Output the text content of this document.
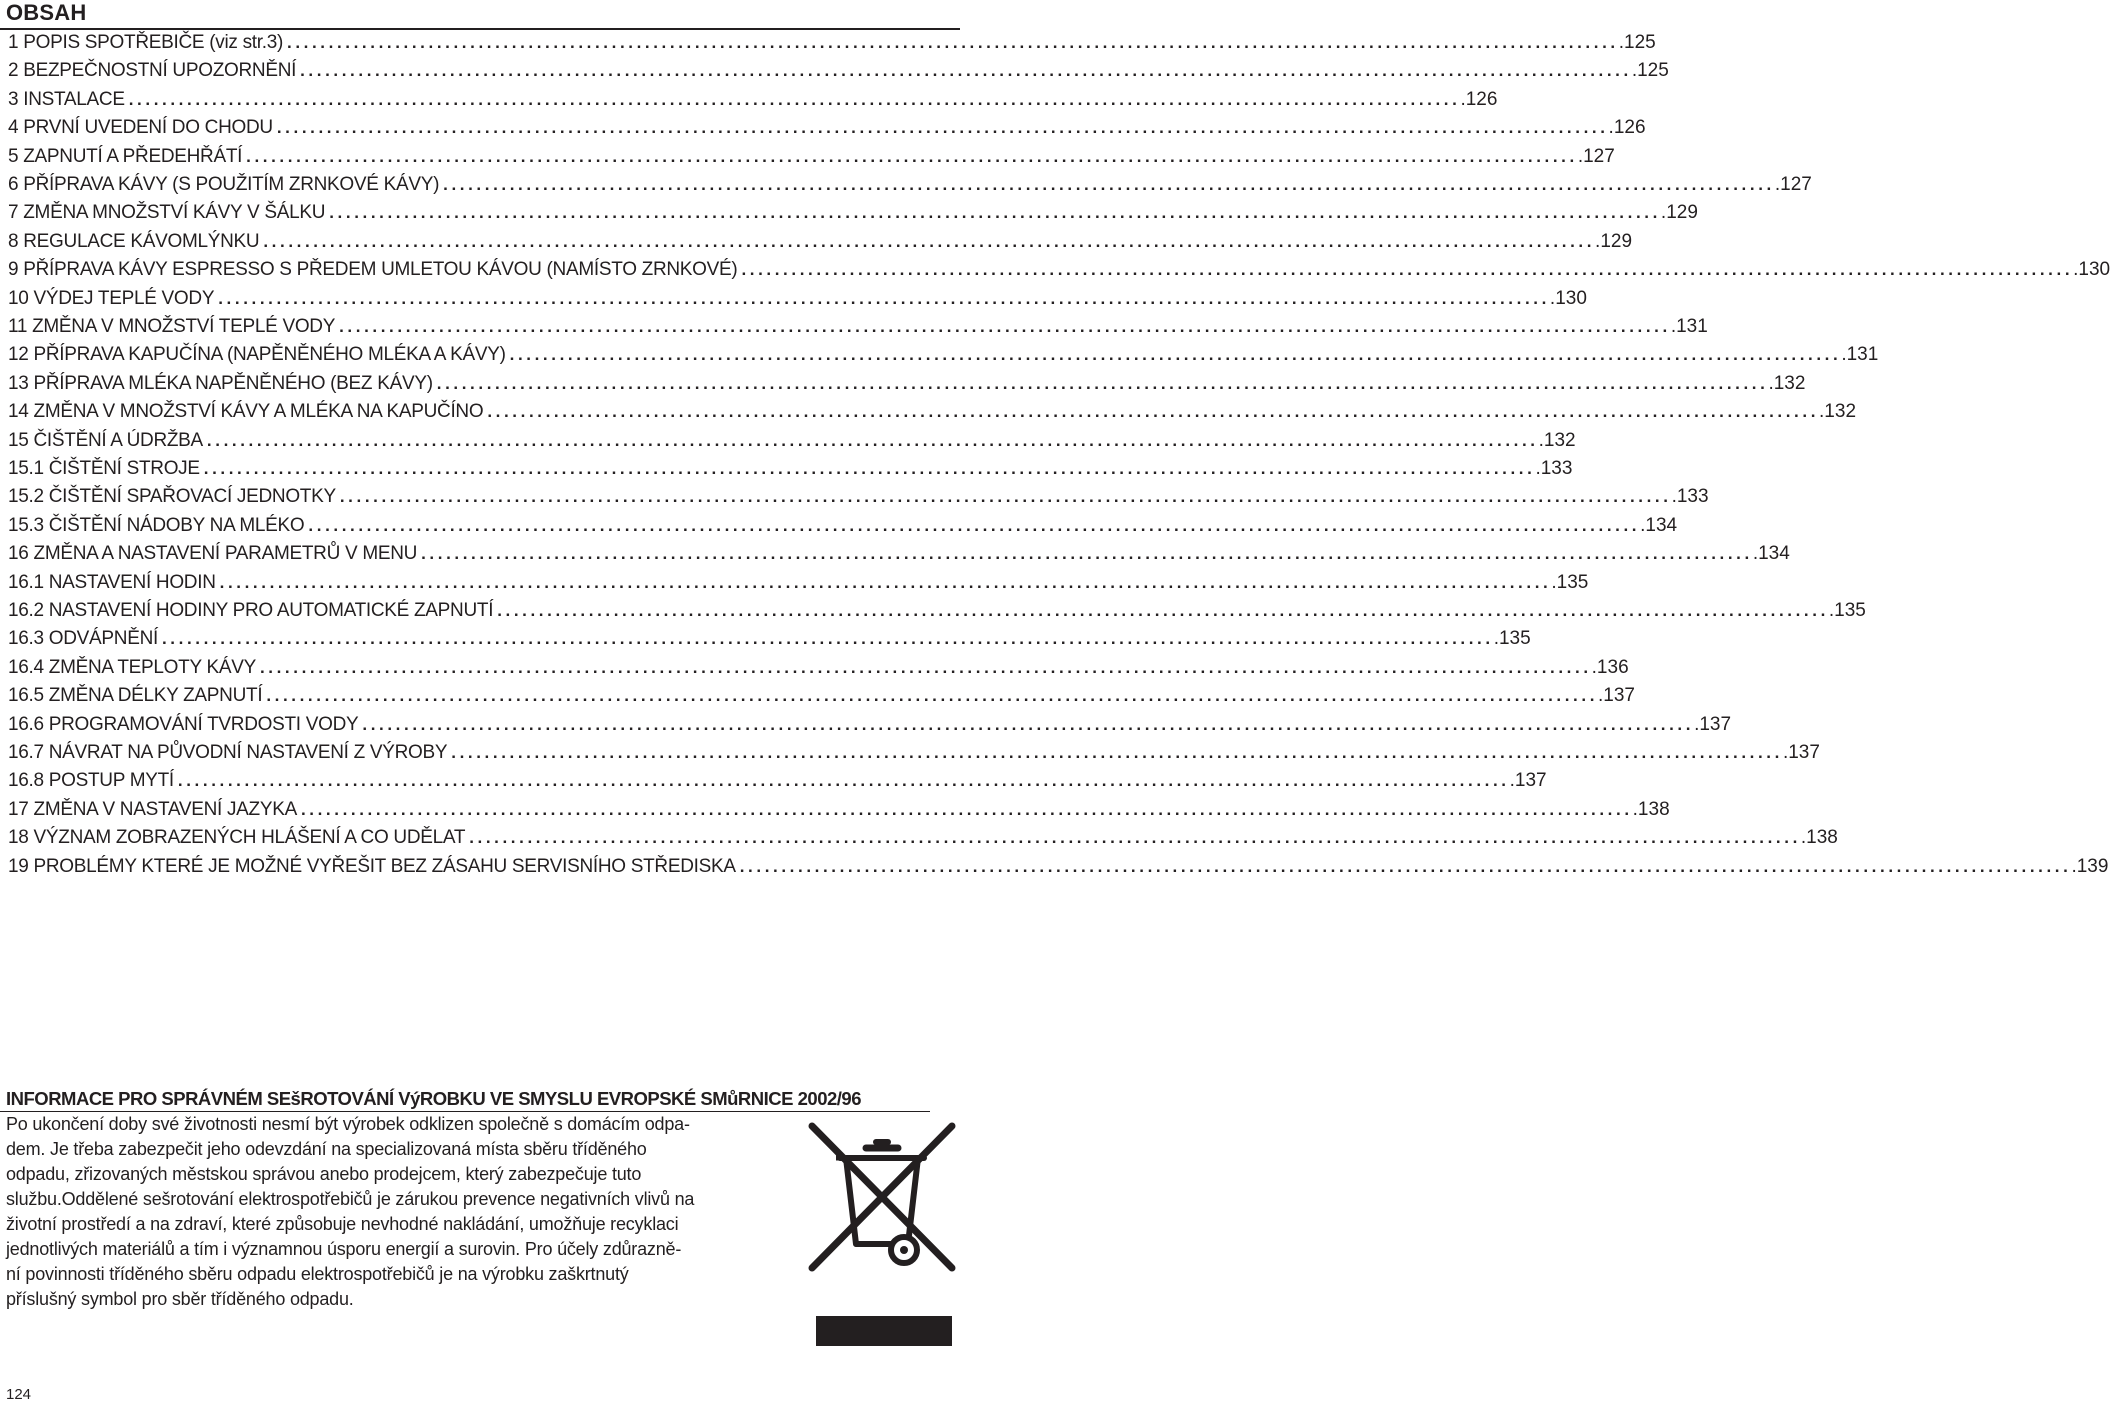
OBSAH
1 POPIS SPOTŘEBIČE (viz str.3) ................................................................................................................................................................ .125
2 BEZPEČNOSTNÍ UPOZORNĚNÍ ................................................................................................................................................................ .125
3 INSTALACE ................................................................................................................................................................ .126
4 PRVNÍ UVEDENÍ DO CHODU ................................................................................................................................................................ .126
5 ZAPNUTÍ A PŘEDEHŘÁTÍ ................................................................................................................................................................ .127
6 PŘÍPRAVA KÁVY (S POUŽITÍM ZRNKOVÉ KÁVY) ................................................................................................................................................................ .127
7 ZMĚNA MNOŽSTVÍ KÁVY V ŠÁLKU ................................................................................................................................................................ .129
8 REGULACE KÁVOMLÝNKU ................................................................................................................................................................ .129
9 PŘÍPRAVA KÁVY ESPRESSO S PŘEDEM UMLETOU KÁVOU (NAMÍSTO ZRNKOVÉ) ................................................................................................................................................................ .130
10 VÝDEJ TEPLÉ VODY ................................................................................................................................................................ .130
11 ZMĚNA V MNOŽSTVÍ TEPLÉ VODY ................................................................................................................................................................ .131
12 PŘÍPRAVA KAPUČÍNA (NAPĚNĚNÉHO MLÉKA A KÁVY) ................................................................................................................................................................ .131
13 PŘÍPRAVA MLÉKA NAPĚNĚNÉHO (BEZ KÁVY) ................................................................................................................................................................ .132
14 ZMĚNA V MNOŽSTVÍ KÁVY A MLÉKA NA KAPUČÍNO ................................................................................................................................................................ .132
15 ČIŠTĚNÍ A ÚDRŽBA ................................................................................................................................................................ .132
15.1 ČIŠTĚNÍ STROJE ................................................................................................................................................................ .133
15.2 ČIŠTĚNÍ SPAŘOVACÍ JEDNOTKY ................................................................................................................................................................ .133
15.3 ČIŠTĚNÍ NÁDOBY NA MLÉKO ................................................................................................................................................................ .134
16 ZMĚNA A NASTAVENÍ PARAMETRŮ V MENU ................................................................................................................................................................ .134
16.1 NASTAVENÍ HODIN ................................................................................................................................................................ .135
16.2 NASTAVENÍ HODINY PRO AUTOMATICKÉ ZAPNUTÍ ................................................................................................................................................................ .135
16.3 ODVÁPNĚNÍ ................................................................................................................................................................ .135
16.4 ZMĚNA TEPLOTY KÁVY ................................................................................................................................................................ .136
16.5 ZMĚNA DÉLKY ZAPNUTÍ ................................................................................................................................................................ .137
16.6 PROGRAMOVÁNÍ TVRDOSTI VODY ................................................................................................................................................................ .137
16.7 NÁVRAT NA PŮVODNÍ NASTAVENÍ Z VÝROBY ................................................................................................................................................................ .137
16.8 POSTUP MYTÍ ................................................................................................................................................................ .137
17 ZMĚNA V NASTAVENÍ JAZYKA ................................................................................................................................................................ .138
18 VÝZNAM ZOBRAZENÝCH HLÁŠENÍ A CO UDĚLAT ................................................................................................................................................................ .138
19 PROBLÉMY KTERÉ JE MOŽNÉ VYŘEŠIT BEZ ZÁSAHU SERVISNÍHO STŘEDISKA ................................................................................................................................................................ .139
INFORMACE PRO SPRÁVNÉM SEšROTOVÁNÍ VýROBKU VE SMYSLU EVROPSKÉ SMůRNICE 2002/96
Po ukončení doby své životnosti nesmí být výrobek odklizen společně s domácím odpa-
dem. Je třeba zabezpečit jeho odevzdání na specializovaná místa sběru tříděného
odpadu, zřizovaných městskou správou anebo prodejcem, který zabezpečuje tuto
službu.Oddělené sešrotování elektrospotřebičů je zárukou prevence negativních vlivů na
životní prostředí a na zdraví, které způsobuje nevhodné nakládání, umožňuje recyklaci
jednotlivých materiálů a tím i významnou úsporu energií a surovin. Pro účely zdůrazně-
ní povinnosti tříděného sběru odpadu elektrospotřebičů je na výrobku zaškrtnutý
příslušný symbol pro sběr tříděného odpadu.
124
